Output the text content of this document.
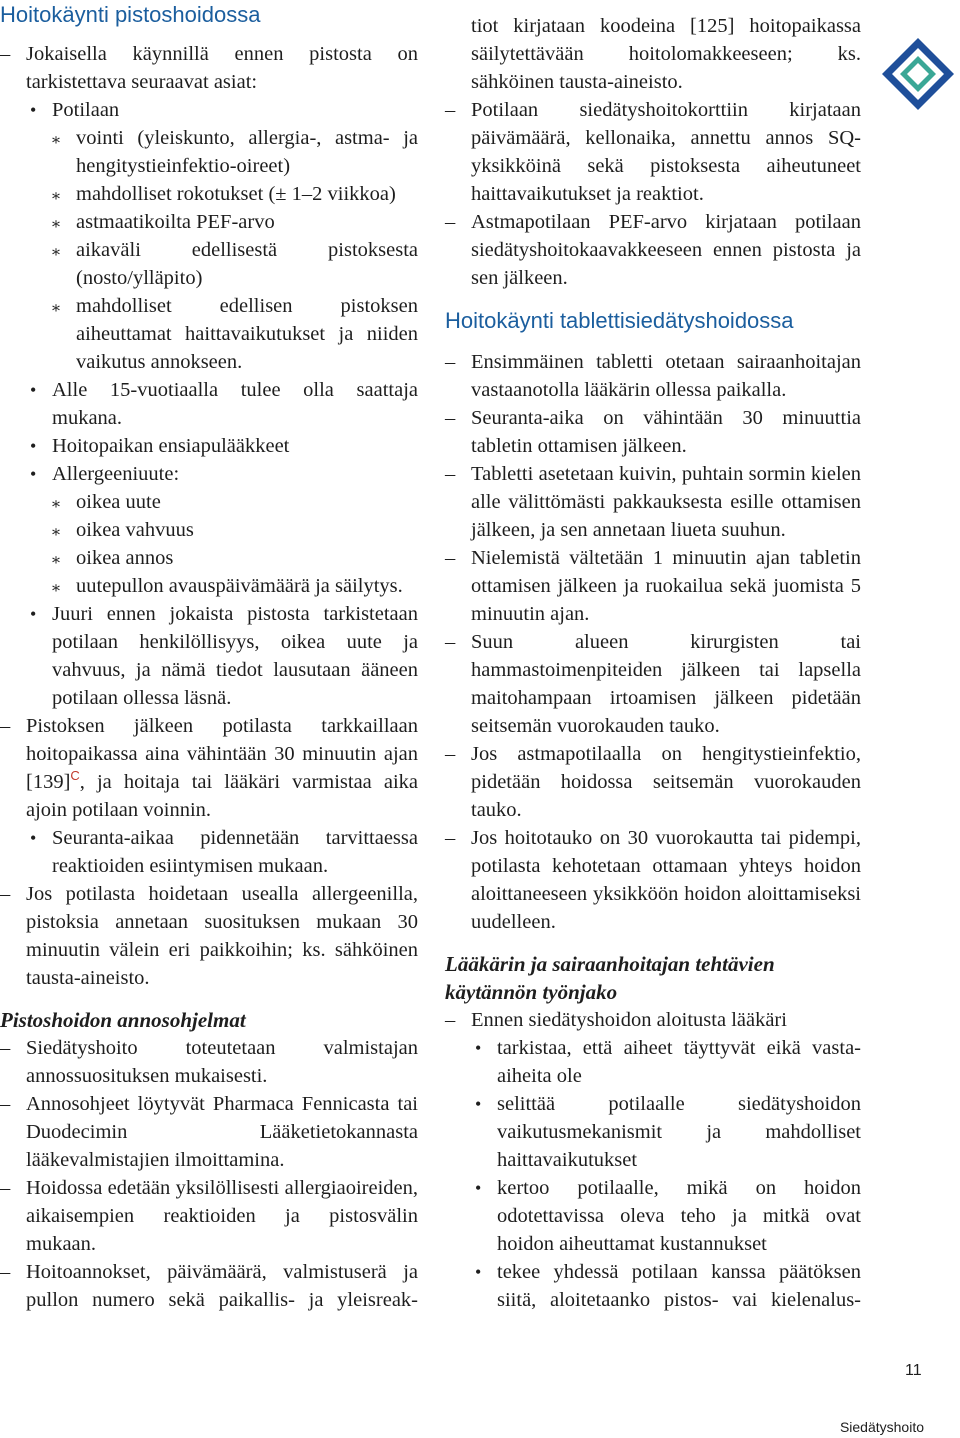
Hoitokäynti pistoshoidossa
– Jokaisella käynnillä ennen pistosta on tarkistettava seuraavat asiat:
• Potilaan
⁎ vointi (yleiskunto, allergia-, astma- ja hengitystieinfektio-oireet)
⁎ mahdolliset rokotukset (± 1–2 viikkoa)
⁎ astmaatikoilta PEF-arvo
⁎ aikaväli edellisestä pistoksesta (nosto/ylläpito)
⁎ mahdolliset edellisen pistoksen aiheuttamat haittavaikutukset ja niiden vaikutus annokseen.
• Alle 15-vuotiaalla tulee olla saattaja mukana.
• Hoitopaikan ensiapulääkkeet
• Allergeeniuute:
⁎ oikea uute
⁎ oikea vahvuus
⁎ oikea annos
⁎ uutepullon avauspäivämäärä ja säilytys.
• Juuri ennen jokaista pistosta tarkistetaan potilaan henkilöllisyys, oikea uute ja vahvuus, ja nämä tiedot lausutaan ääneen potilaan ollessa läsnä.
– Pistoksen jälkeen potilasta tarkkaillaan hoitopaikassa aina vähintään 30 minuutin ajan [139]$^C$, ja hoitaja tai lääkäri varmistaa aika ajoin potilaan voinnin.
• Seuranta-aikaa pidennetään tarvittaessa reaktioiden esiintymisen mukaan.
– Jos potilasta hoidetaan usealla allergeenilla, pistoksia annetaan suosituksen mukaan 30 minuutin välein eri paikkoihin; ks. sähköinen tausta-aineisto.
Pistoshoidon annosohjelmat
– Siedätyshoito toteutetaan valmistajan annossuosituksen mukaisesti.
– Annosohjeet löytyvät Pharmaca Fennicasta tai Duodecimin Lääketietokannasta lääkevalmistajien ilmoittamina.
– Hoidossa edetään yksilöllisesti allergiaoireiden, aikaisempien reaktioiden ja pistosvälin mukaan.
– Hoitoannokset, päivämäärä, valmistuserä ja pullon numero sekä paikallis- ja yleisreak-
tiot kirjataan koodeina [125] hoitopaikassa säilytettävään hoitolomakkeeseen; ks. sähköinen tausta-aineisto.
– Potilaan siedätyshoitokorttiin kirjataan päivämäärä, kellonaika, annettu annos SQ-yksikköinä sekä pistoksesta aiheutuneet haittavaikutukset ja reaktiot.
– Astmapotilaan PEF-arvo kirjataan potilaan siedätyshoitokaavakkeeseen ennen pistosta ja sen jälkeen.
Hoitokäynti tablettisiedätyshoidossa
– Ensimmäinen tabletti otetaan sairaanhoitajan vastaanotolla lääkärin ollessa paikalla.
– Seuranta-aika on vähintään 30 minuuttia tabletin ottamisen jälkeen.
– Tabletti asetetaan kuivin, puhtain sormin kielen alle välittömästi pakkauksesta esille ottamisen jälkeen, ja sen annetaan liueta suuhun.
– Nielemistä vältetään 1 minuutin ajan tabletin ottamisen jälkeen ja ruokailua sekä juomista 5 minuutin ajan.
– Suun alueen kirurgisten tai hammastoimenpiteiden jälkeen tai lapsella maitohampaan irtoamisen jälkeen pidetään seitsemän vuorokauden tauko.
– Jos astmapotilaalla on hengitystieinfektio, pidetään hoidossa seitsemän vuorokauden tauko.
– Jos hoitotauko on 30 vuorokautta tai pidempi, potilasta kehotetaan ottamaan yhteys hoidon aloittaneeseen yksikköön hoidon aloittamiseksi uudelleen.
Lääkärin ja sairaanhoitajan tehtävien käytännön työnjako
– Ennen siedätyshoidon aloitusta lääkäri
• tarkistaa, että aiheet täyttyvät eikä vasta-aiheita ole
• selittää potilaalle siedätyshoidon vaikutusmekanismit ja mahdolliset haittavaikutukset
• kertoo potilaalle, mikä on hoidon odotettavissa oleva teho ja mitkä ovat hoidon aiheuttamat kustannukset
• tekee yhdessä potilaan kanssa päätöksen siitä, aloitetaanko pistos- vai kielenalus-
11
Siedätyshoito
